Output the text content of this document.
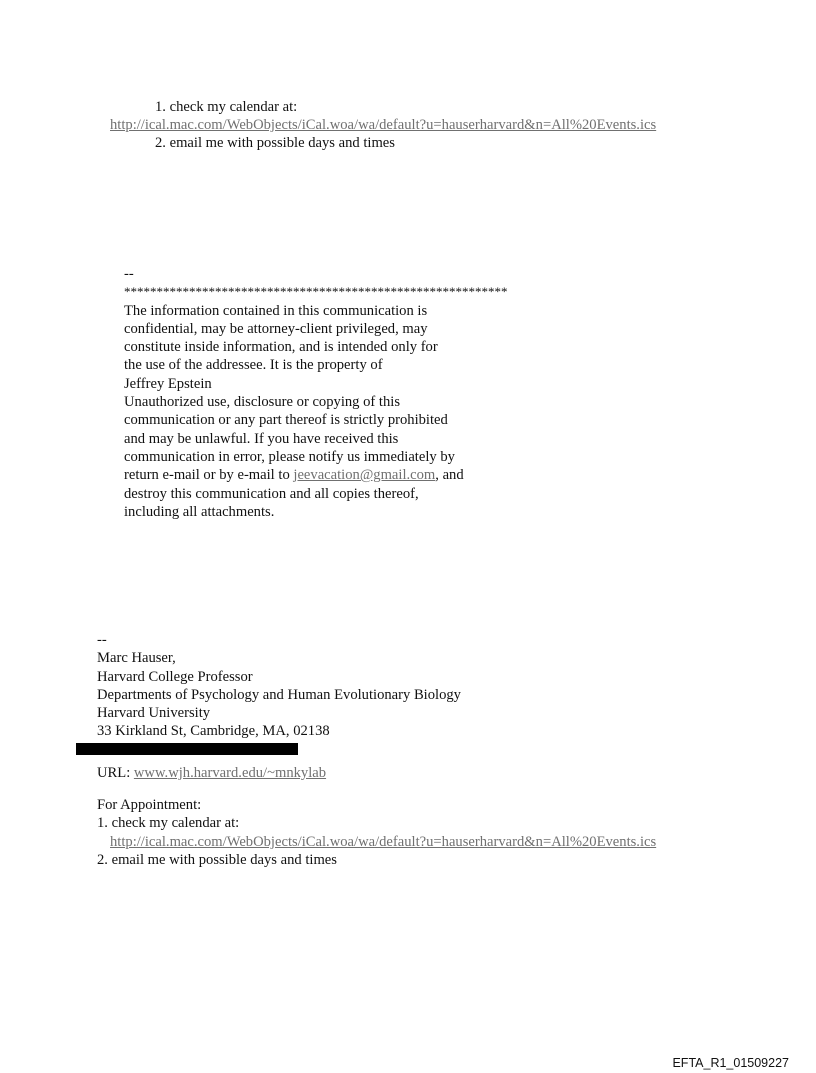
1. check my calendar at:
http://ical.mac.com/WebObjects/iCal.woa/wa/default?u=hauserharvard&n=All%20Events.ics
2. email me with possible days and times
--
***********************************************************
The information contained in this communication is
confidential, may be attorney-client privileged, may
constitute inside information, and is intended only for
the use of the addressee. It is the property of
Jeffrey Epstein
Unauthorized use, disclosure or copying of this
communication or any part thereof is strictly prohibited
and may be unlawful. If you have received this
communication in error, please notify us immediately by
return e-mail or by e-mail to jeevacation@gmail.com, and
destroy this communication and all copies thereof,
including all attachments.
--
Marc Hauser,
Harvard College Professor
Departments of Psychology and Human Evolutionary Biology
Harvard University
33 Kirkland St, Cambridge, MA, 02138
URL: www.wjh.harvard.edu/~mnkylab
For Appointment:
1. check my calendar at:
http://ical.mac.com/WebObjects/iCal.woa/wa/default?u=hauserharvard&n=All%20Events.ics
2. email me with possible days and times
EFTA_R1_01509227
